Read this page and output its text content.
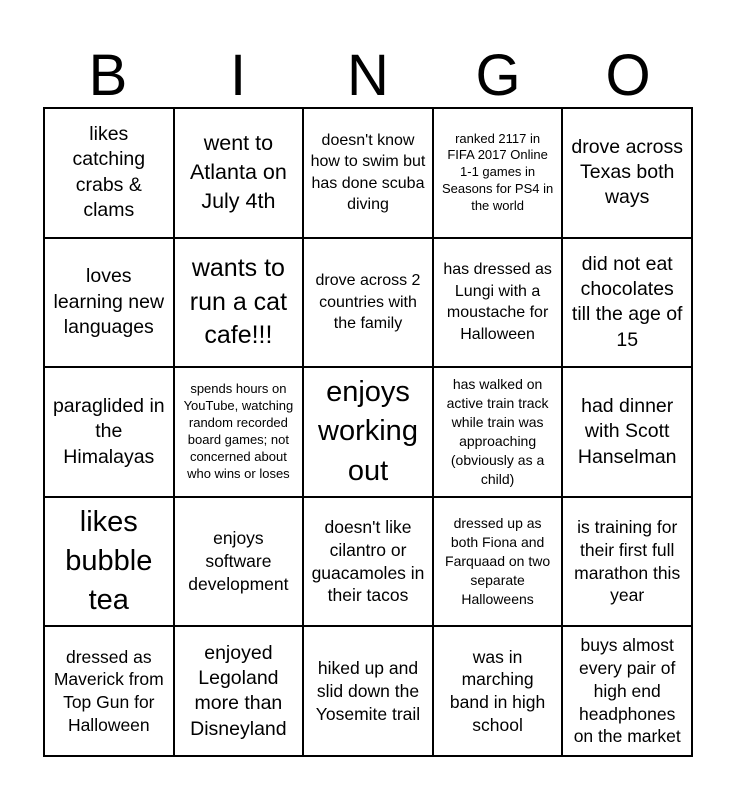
B	I	N	G	O
likes catching crabs & clams
went to Atlanta on July 4th
doesn't know how to swim but has done scuba diving
ranked 2117 in FIFA 2017 Online 1-1 games in Seasons for PS4 in the world
drove across Texas both ways
loves learning new languages
wants to run a cat cafe!!!
drove across 2 countries with the family
has dressed as Lungi with a moustache for Halloween
did not eat chocolates till the age of 15
paraglided in the Himalayas
spends hours on YouTube, watching random recorded board games; not concerned about who wins or loses
enjoys working out
has walked on active train track while train was approaching (obviously as a child)
had dinner with Scott Hanselman
likes bubble tea
enjoys software development
doesn't like cilantro or guacamoles in their tacos
dressed up as both Fiona and Farquaad on two separate Halloweens
is training for their first full marathon this year
dressed as Maverick from Top Gun for Halloween
enjoyed Legoland more than Disneyland
hiked up and slid down the Yosemite trail
was in marching band in high school
buys almost every pair of high end headphones on the market
